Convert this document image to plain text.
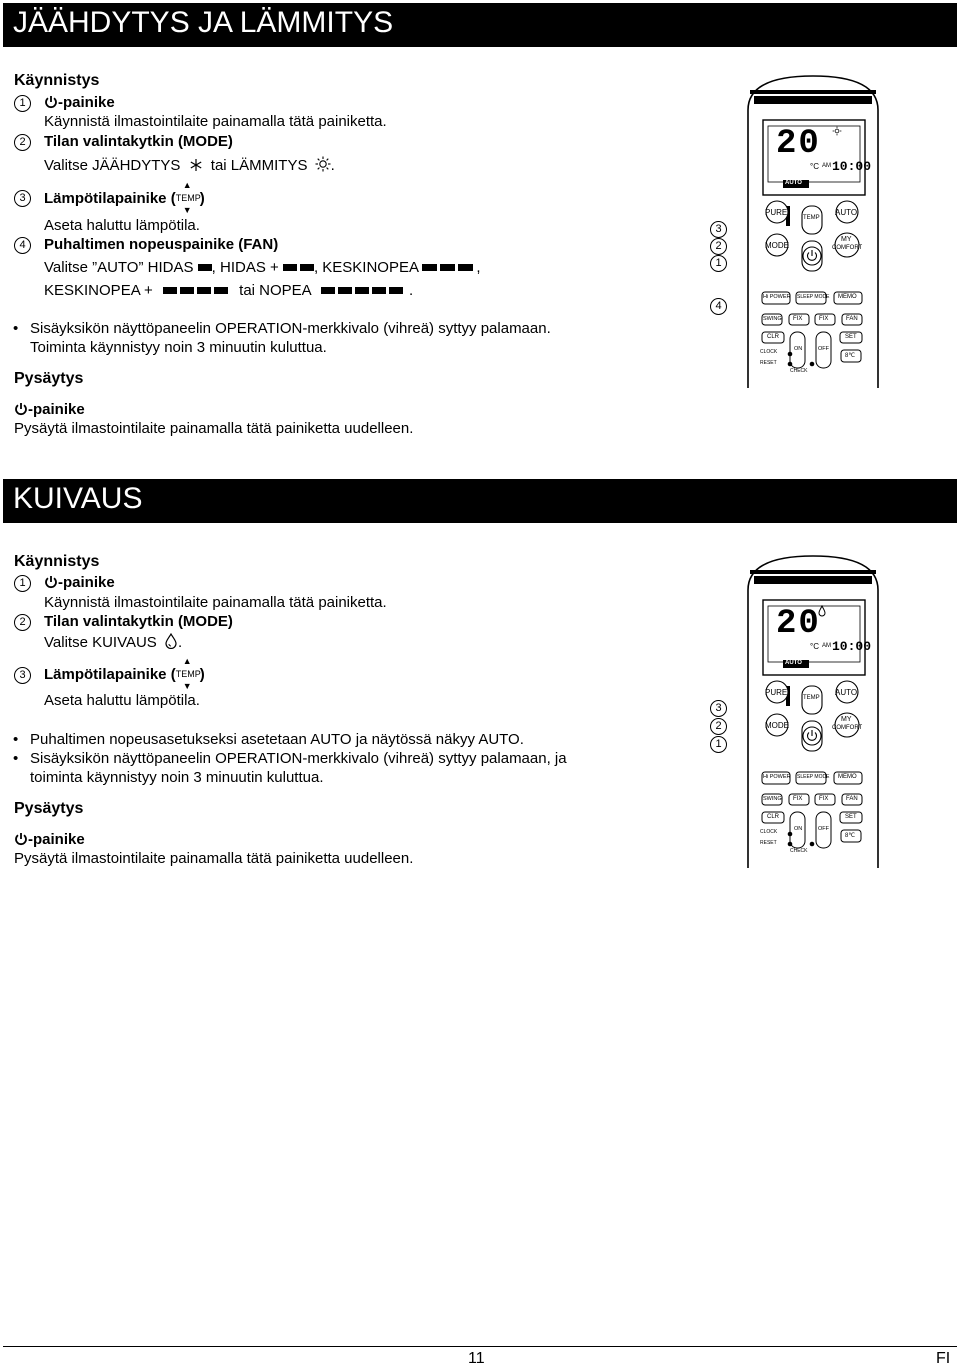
JÄÄHDYTYS JA LÄMMITYS
Käynnistys
1	-painike
Käynnistä ilmastointilaite painamalla tätä painiketta.
2	Tilan valintakytkin (MODE)
Valitse JÄÄHDYTYS tai LÄMMITYS .
3	Lämpötilapainike (
▲
TEMP
▼
)
Aseta haluttu lämpötila.
4	Puhaltimen nopeuspainike (FAN)
Valitse ”AUTO” HIDAS , HIDAS + , KESKINOPEA	,
KESKINOPEA +	tai NOPEA	.
• Sisäyksikön näyttöpaneelin OPERATION-merkkivalo (vihreä) syttyy palamaan.
Toiminta käynnistyy noin 3 minuutin kuluttua.
Pysäytys
-painike
Pysäytä ilmastointilaite painamalla tätä painiketta uudelleen.
3
2
1
4
20
°C AM 10:00
AUTO
PURE	AUTO
TEMP
MODE
MY
COMFORT
Hi POWER SLEEP MODE MEMO
SWING FIX	FIX	FAN
CLR	SET
ON	OFF
CLOCK
RESET
CHECK
8℃
KUIVAUS
Käynnistys
1	-painike
Käynnistä ilmastointilaite painamalla tätä painiketta.
2	Tilan valintakytkin (MODE)
Valitse KUIVAUS .
3	Lämpötilapainike (
▲
TEMP
▼
)
Aseta haluttu lämpötila.
• Puhaltimen nopeusasetukseksi asetetaan AUTO ja näytössä näkyy AUTO.
• Sisäyksikön näyttöpaneelin OPERATION-merkkivalo (vihreä) syttyy palamaan, ja
toiminta käynnistyy noin 3 minuutin kuluttua.
Pysäytys
-painike
Pysäytä ilmastointilaite painamalla tätä painiketta uudelleen.
3
2
1
20
°C AM 10:00
AUTO
PURE	AUTO
TEMP
MODE
MY
COMFORT
Hi POWER SLEEP MODE MEMO
SWING FIX	FIX	FAN
CLR	SET
ON	OFF
CLOCK
RESET
CHECK
8℃
11	FI
